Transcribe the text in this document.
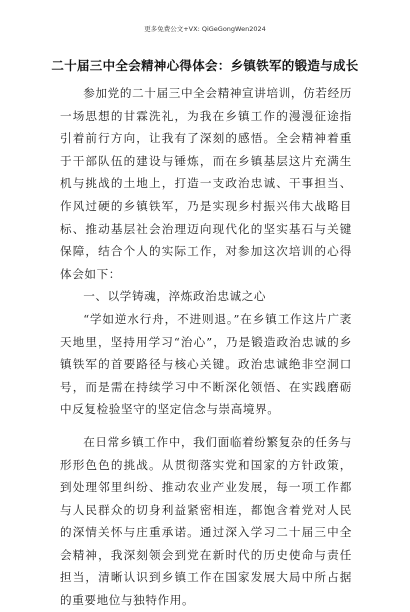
更多免费公文+VX: QiGeGongWen2024
二十届三中全会精神心得体会：乡镇铁军的锻造与成长

参加党的二十届三中全会精神宣讲培训，仿若经历一场思想的甘霖洗礼，为我在乡镇工作的漫漫征途指引着前行方向，让我有了深刻的感悟。全会精神着重于干部队伍的建设与锤炼，而在乡镇基层这片充满生机与挑战的土地上，打造一支政治忠诚、干事担当、作风过硬的乡镇铁军，乃是实现乡村振兴伟大战略目标、推动基层社会治理迈向现代化的坚实基石与关键保障，结合个人的实际工作，对参加这次培训的心得体会如下：

一、以学铸魂，淬炼政治忠诚之心

“学如逆水行舟，不进则退。”在乡镇工作这片广袤天地里，坚持用学习“治心”，乃是锻造政治忠诚的乡镇铁军的首要路径与核心关键。政治忠诚绝非空洞口号，而是需在持续学习中不断深化领悟、在实践磨砺中反复检验坚守的坚定信念与崇高境界。

在日常乡镇工作中，我们面临着纷繁复杂的任务与形形色色的挑战。从贯彻落实党和国家的方针政策，到处理邻里纠纷、推动农业产业发展，每一项工作都与人民群众的切身利益紧密相连，都饱含着党对人民的深情关怀与庄重承诺。通过深入学习二十届三中全会精神，我深刻领会到党在新时代的历史使命与责任担当，清晰认识到乡镇工作在国家发展大局中所占据的重要地位与独特作用。
